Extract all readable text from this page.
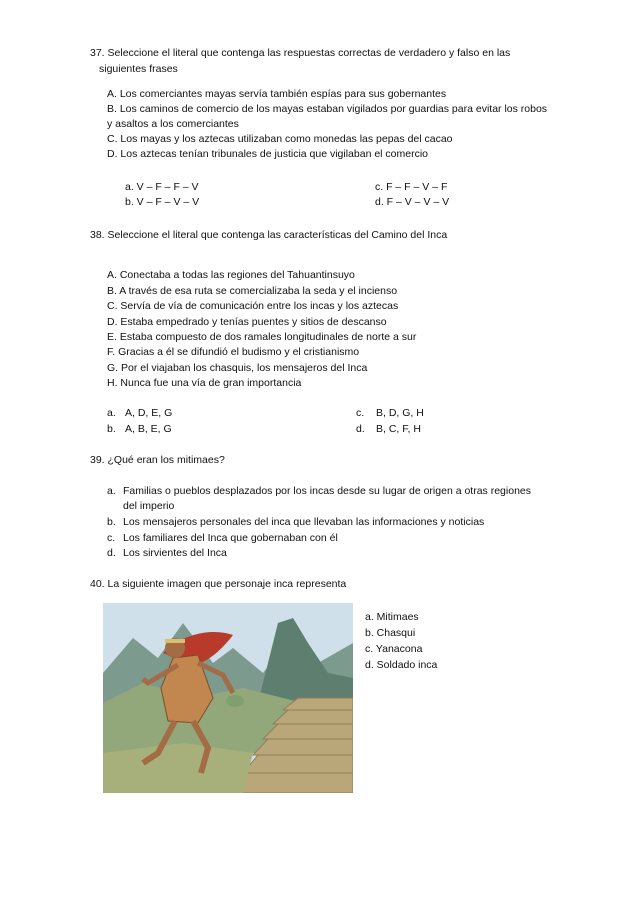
37. Seleccione el literal que contenga las respuestas correctas de verdadero y falso en las
siguientes frases
A. Los comerciantes mayas servía también espías para sus gobernantes
B. Los caminos de comercio de los mayas estaban vigilados por guardias para evitar los robos
y asaltos a los comerciantes
C. Los mayas y los aztecas utilizaban como monedas las pepas del cacao
D. Los aztecas tenían tribunales de justicia que vigilaban el comercio
a. V – F – F – V
b. V – F – V – V
c. F – F – V – F
d. F – V – V – V
38. Seleccione el literal que contenga las características del Camino del Inca
A. Conectaba a todas las regiones del Tahuantinsuyo
B. A través de esa ruta se comercializaba la seda y el incienso
C. Servía de vía de comunicación entre los incas y los aztecas
D. Estaba empedrado y tenías puentes y sitios de descanso
E. Estaba compuesto de dos ramales longitudinales de norte a sur
F. Gracias a él se difundió el budismo y el cristianismo
G. Por el viajaban los chasquis, los mensajeros del Inca
H. Nunca fue una vía de gran importancia
a. A, D, E, G
b. A, B, E, G
c. B, D, G, H
d. B, C, F, H
39. ¿Qué eran los mitimaes?
a. Familias o pueblos desplazados por los incas desde su lugar de origen a otras regiones del imperio
b. Los mensajeros personales del inca que llevaban las informaciones y noticias
c. Los familiares del Inca que gobernaban con él
d. Los sirvientes del Inca
40. La siguiente imagen que personaje inca representa
a. Mitimaes
b. Chasqui
c. Yanacona
d. Soldado inca
